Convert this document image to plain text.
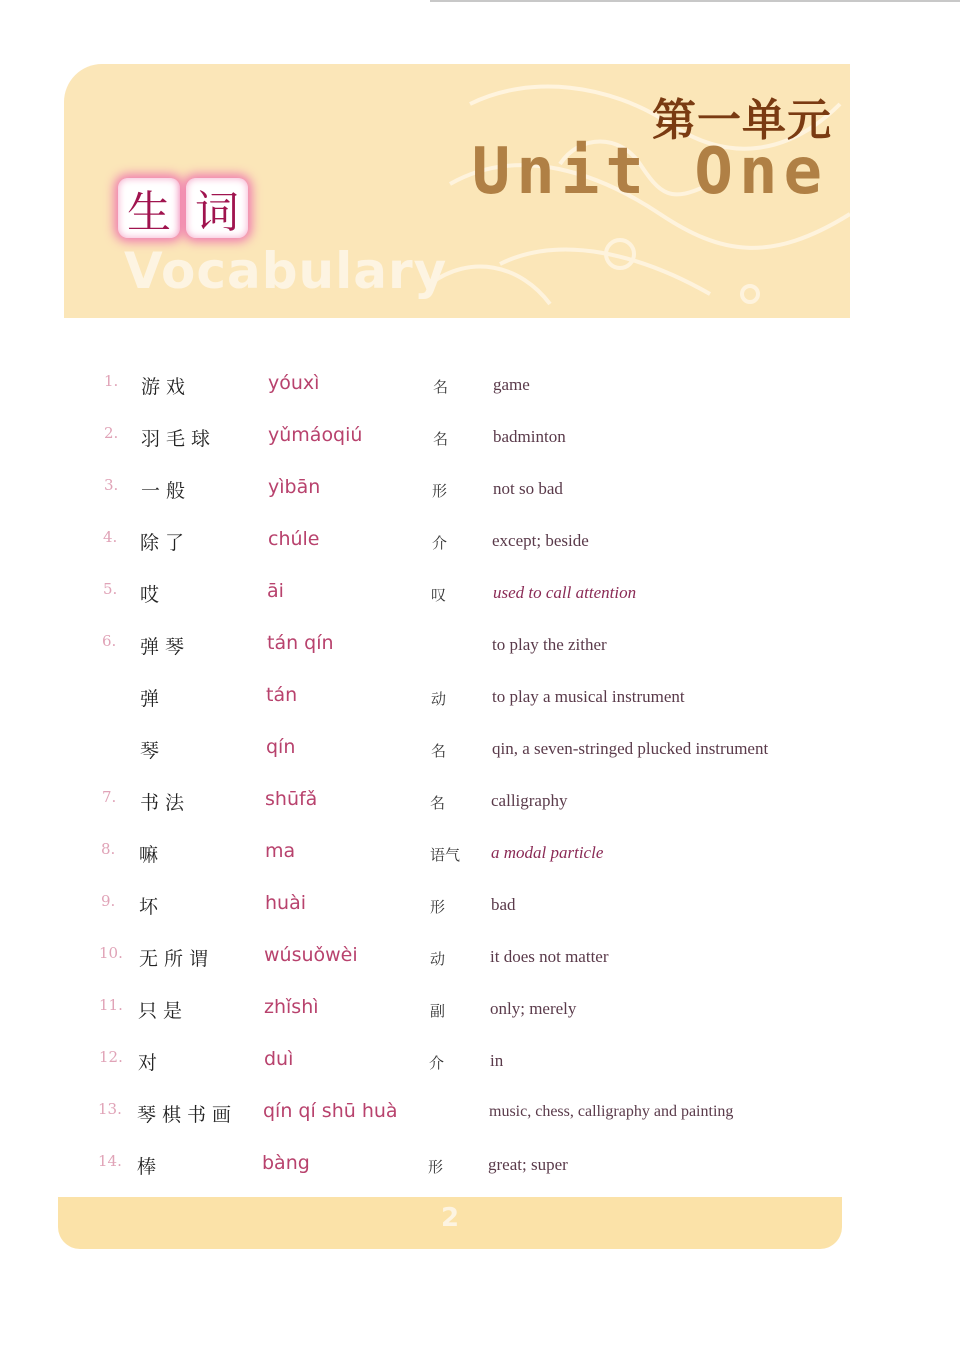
第一单元
Unit One
生 词
Vocabulary
1. 游戏	yóuxì	名	game
2. 羽毛球	yǔmáoqiú	名	badminton
3. 一般	yìbān	形	not so bad
4. 除了	chúle	介	except; beside
5. 哎	āi	叹	used to call attention
6. 弹琴	tán qín	to play the zither
弹	tán	动	to play a musical instrument
琴	qín	名	qin, a seven-stringed plucked instrument
7. 书法	shūfǎ	名	calligraphy
8. 嘛	ma	语气 a modal particle
9. 坏	huài	形	bad
10. 无所谓	wúsuǒwèi	动	it does not matter
11. 只是	zhǐshì	副	only; merely
12. 对	duì	介	in
13. 琴棋书画 qín qí shū huà	music, chess, calligraphy and painting
14. 棒	bàng	形	great; super
2
